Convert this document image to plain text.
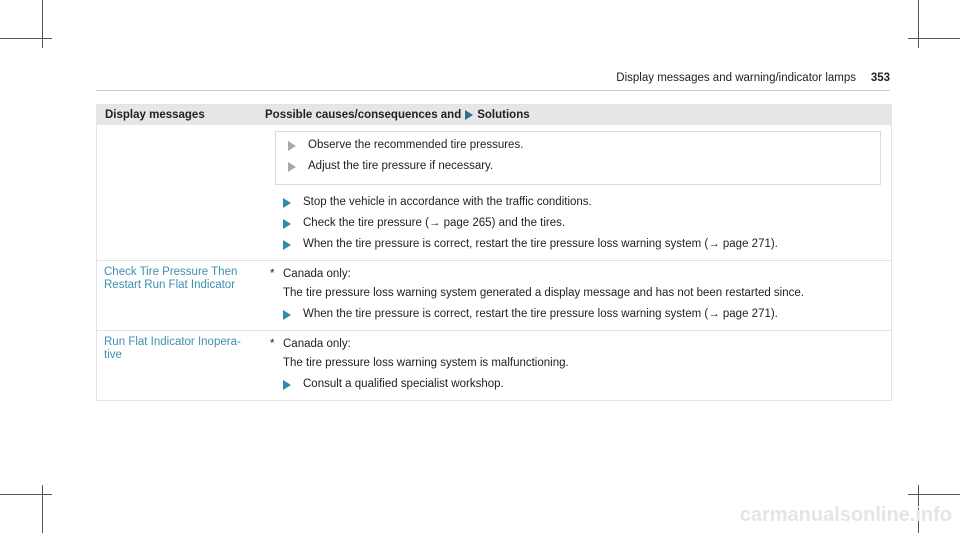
Display messages and warning/indicator lamps 353
Display messages	Possible causes/consequences and Solutions
Observe the recommended tire pressures.
Adjust the tire pressure if necessary.
Stop the vehicle in accordance with the traffic conditions.
Check the tire pressure (→ page 265) and the tires.
When the tire pressure is correct, restart the tire pressure loss warning system (→ page 271).
Check Tire Pressure Then Restart Run Flat Indicator
* Canada only:
The tire pressure loss warning system generated a display message and has not been restarted since.
When the tire pressure is correct, restart the tire pressure loss warning system (→ page 271).
Run Flat Indicator Inopera- tive
* Canada only:
The tire pressure loss warning system is malfunctioning.
Consult a qualified specialist workshop.
carmanualsonline.info
